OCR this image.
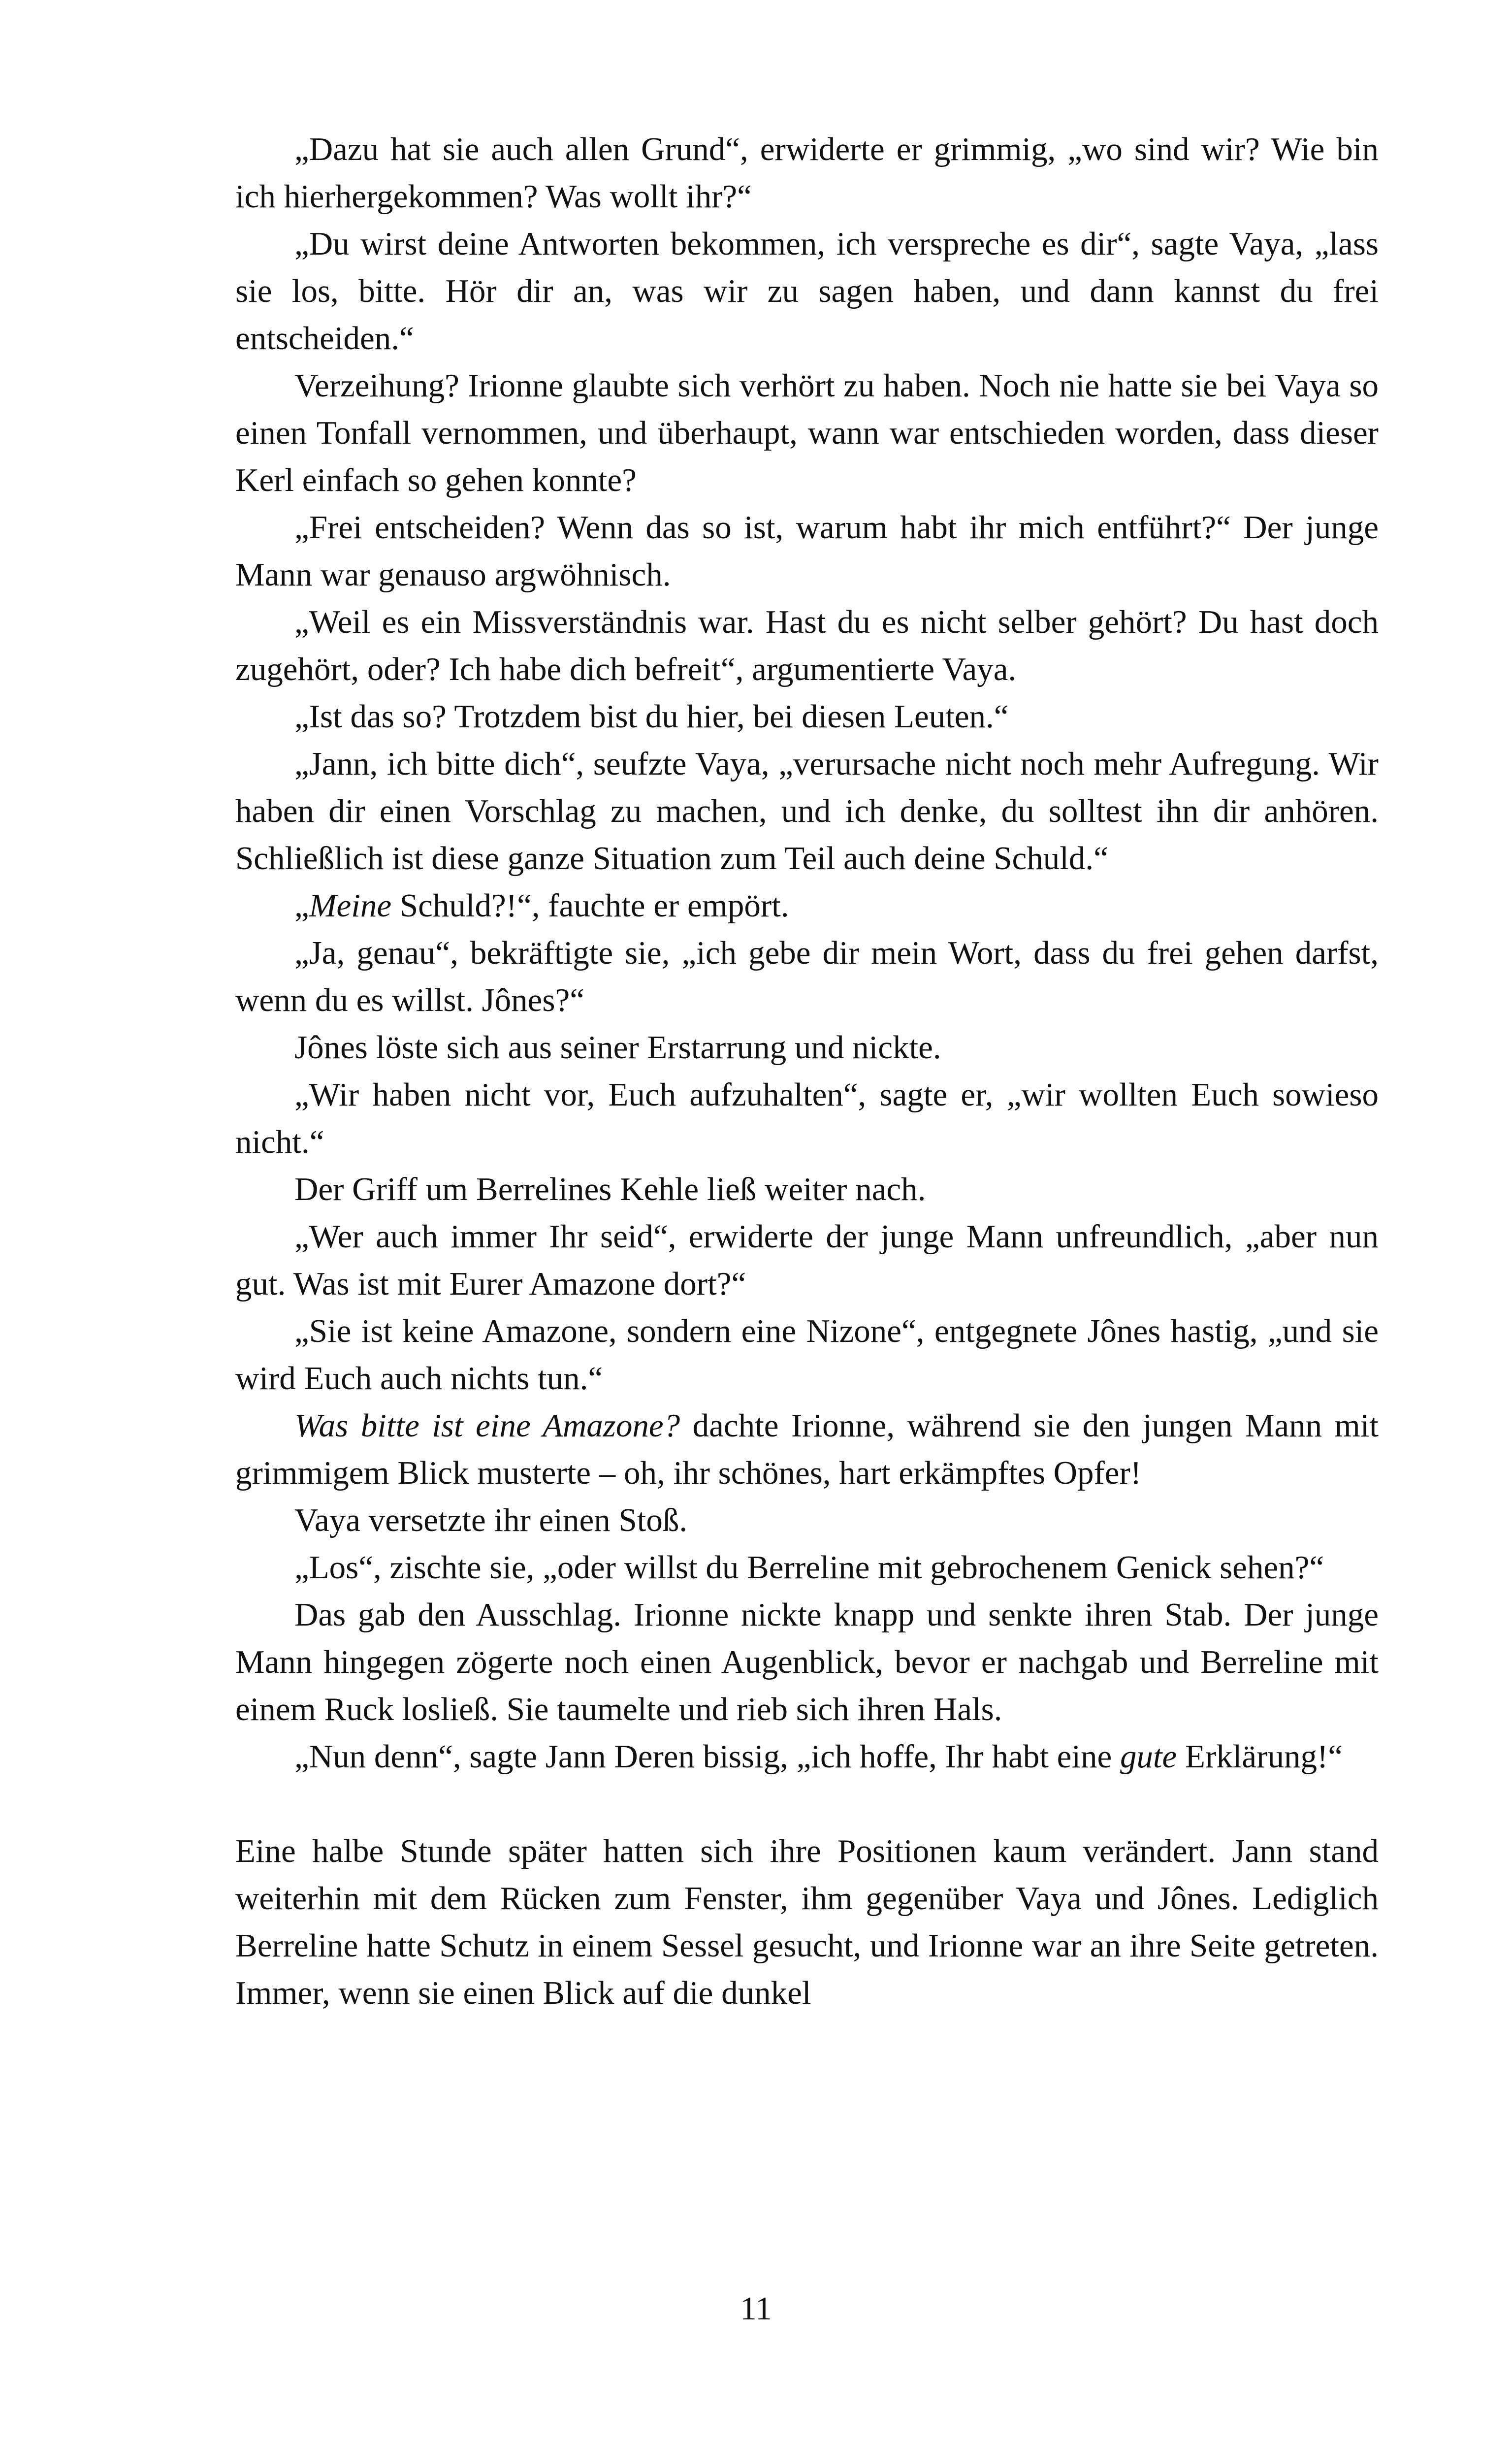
„Dazu hat sie auch allen Grund“, erwiderte er grimmig, „wo sind wir? Wie bin ich hierhergekommen? Was wollt ihr?“

„Du wirst deine Antworten bekommen, ich verspreche es dir“, sagte Vaya, „lass sie los, bitte. Hör dir an, was wir zu sagen haben, und dann kannst du frei entscheiden.“

Verzeihung? Irionne glaubte sich verhört zu haben. Noch nie hatte sie bei Vaya so einen Tonfall vernommen, und überhaupt, wann war entschieden worden, dass dieser Kerl einfach so gehen konnte?

„Frei entscheiden? Wenn das so ist, warum habt ihr mich entführt?“ Der junge Mann war genauso argwöhnisch.

„Weil es ein Missverständnis war. Hast du es nicht selber gehört? Du hast doch zugehört, oder? Ich habe dich befreit“, argumentierte Vaya.

„Ist das so? Trotzdem bist du hier, bei diesen Leuten.“

„Jann, ich bitte dich“, seufzte Vaya, „verursache nicht noch mehr Aufregung. Wir haben dir einen Vorschlag zu machen, und ich denke, du solltest ihn dir anhören. Schließlich ist diese ganze Situation zum Teil auch deine Schuld.“

„Meine Schuld?!“, fauchte er empört.

„Ja, genau“, bekräftigte sie, „ich gebe dir mein Wort, dass du frei gehen darfst, wenn du es willst. Jônes?“

Jônes löste sich aus seiner Erstarrung und nickte.

„Wir haben nicht vor, Euch aufzuhalten“, sagte er, „wir wollten Euch sowieso nicht.“

Der Griff um Berrelines Kehle ließ weiter nach.

„Wer auch immer Ihr seid“, erwiderte der junge Mann unfreundlich, „aber nun gut. Was ist mit Eurer Amazone dort?“

„Sie ist keine Amazone, sondern eine Nizone“, entgegnete Jônes hastig, „und sie wird Euch auch nichts tun.“

Was bitte ist eine Amazone? dachte Irionne, während sie den jungen Mann mit grimmigem Blick musterte – oh, ihr schönes, hart erkämpftes Opfer!

Vaya versetzte ihr einen Stoß.

„Los“, zischte sie, „oder willst du Berreline mit gebrochenem Genick sehen?“

Das gab den Ausschlag. Irionne nickte knapp und senkte ihren Stab. Der junge Mann hingegen zögerte noch einen Augenblick, bevor er nachgab und Berreline mit einem Ruck losließ. Sie taumelte und rieb sich ihren Hals.

„Nun denn“, sagte Jann Deren bissig, „ich hoffe, Ihr habt eine gute Erklärung!“

Eine halbe Stunde später hatten sich ihre Positionen kaum verändert. Jann stand weiterhin mit dem Rücken zum Fenster, ihm gegenüber Vaya und Jônes. Lediglich Berreline hatte Schutz in einem Sessel gesucht, und Irionne war an ihre Seite getreten. Immer, wenn sie einen Blick auf die dunkel

11
